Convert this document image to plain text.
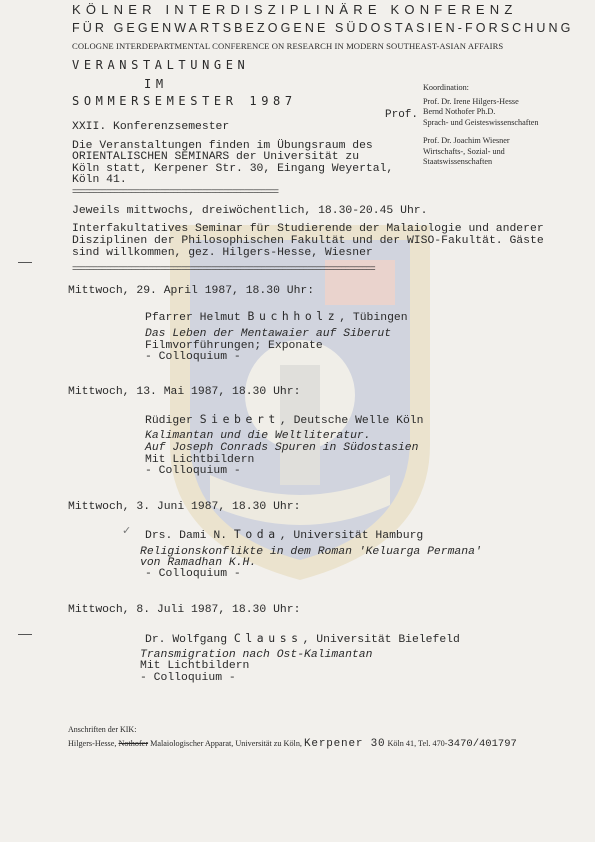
KÖLNER INTERDISZIPLINÄRE KONFERENZ
FÜR GEGENWARTSBEZOGENE SÜDOSTASIEN-FORSCHUNG
COLOGNE INTERDEPARTMENTAL CONFERENCE ON RESEARCH IN MODERN SOUTHEAST-ASIAN AFFAIRS
VERANSTALTUNGEN
IM
SOMMERSEMESTER 1987
Koordination:
Prof.
Prof. Dr. Irene Hilgers-Hesse
Bernd Nothofer Ph.D.
Sprach- und Geisteswissenschaften
Prof. Dr. Joachim Wiesner
Wirtschafts-, Sozial- und
Staatswissenschaften
XXII. Konferenzsemester
Die Veranstaltungen finden im Übungsraum des
ORIENTALISCHEN SEMINARS der Universität zu
Köln statt, Kerpener Str. 30, Eingang Weyertal,
Köln 41.
=================================================
Jeweils mittwochs, dreiwöchentlich, 18.30-20.45 Uhr.
Interfakultatives Seminar für Studierende der Malaiologie und anderer
Disziplinen der Philosophischen Fakultät und der WISO-Fakultät. Gäste
sind willkommen, gez. Hilgers-Hesse, Wiesner
========================================================================
Mittwoch, 29. April 1987, 18.30 Uhr:
Pfarrer Helmut Buchholz, Tübingen
Das Leben der Mentawaier auf Siberut
Filmvorführungen; Exponate
- Colloquium -
Mittwoch, 13. Mai 1987, 18.30 Uhr:
Rüdiger Siebert, Deutsche Welle Köln
Kalimantan und die Weltliteratur.
Auf Joseph Conrads Spuren in Südostasien
Mit Lichtbildern
- Colloquium -
Mittwoch, 3. Juni 1987, 18.30 Uhr:
✓ Drs. Dami N. Toda, Universität Hamburg
Religionskonflikte in dem Roman 'Keluarga Permana'
von Ramadhan K.H.
- Colloquium -
Mittwoch, 8. Juli 1987, 18.30 Uhr:
Dr. Wolfgang Clauss, Universität Bielefeld
Transmigration nach Ost-Kalimantan
Mit Lichtbildern
- Colloquium -
Anschriften der KIK:
Hilgers-Hesse, Nothofer Malaiologischer Apparat, Universität zu Köln, Kerpener 30 Köln 41, Tel. 470-3470/401797
